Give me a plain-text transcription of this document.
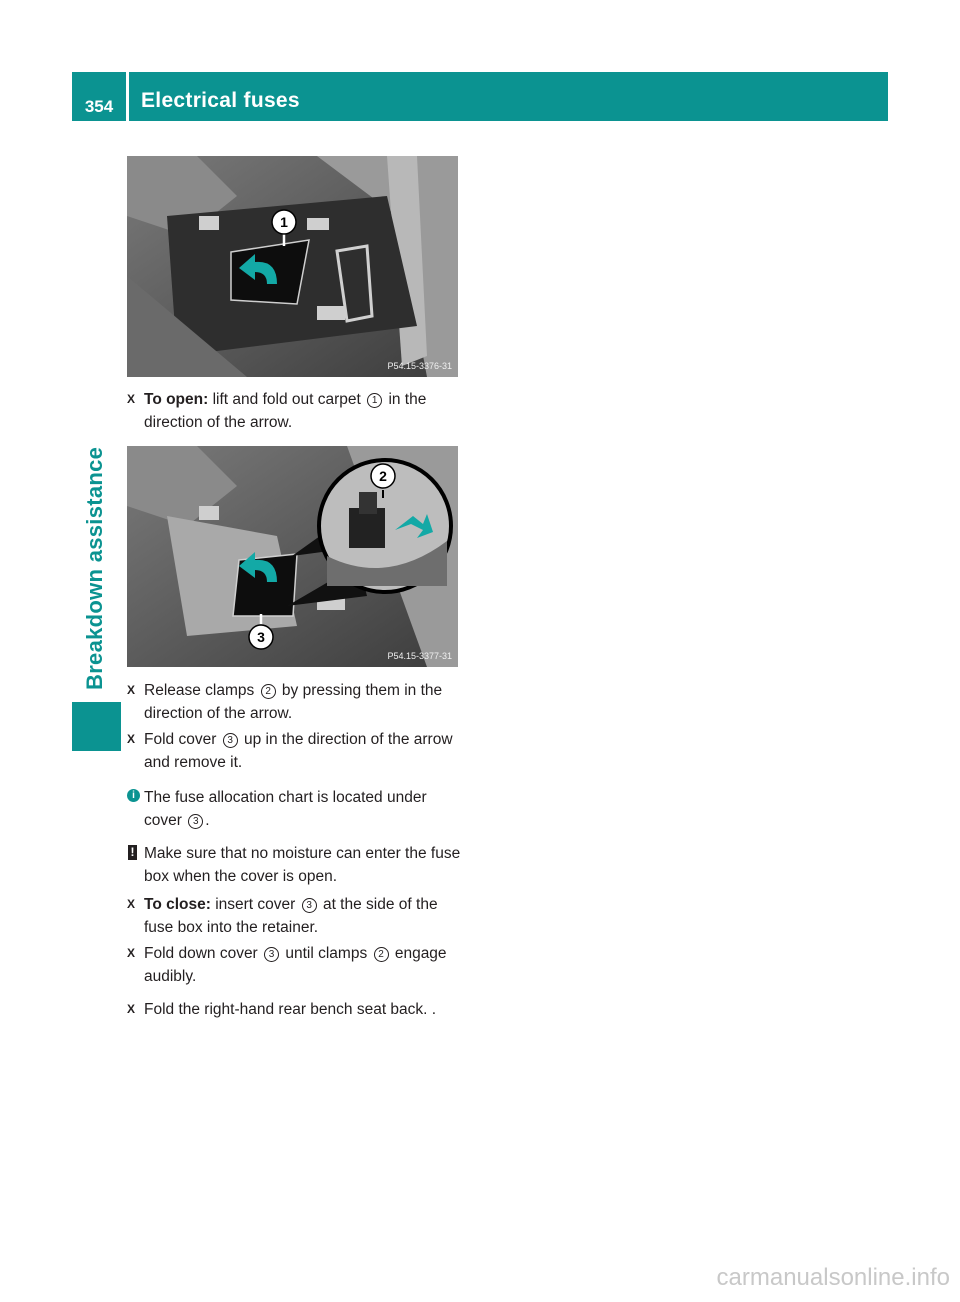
354	Electrical fuses
Breakdown assistance
1
P54.15-3376-31
2
3
P54.15-3377-31
X To open: lift and fold out carpet 1 in the direction of the arrow.
X Release clamps 2 by pressing them in the direction of the arrow.
X Fold cover 3 up in the direction of the arrow and remove it.
i The fuse allocation chart is located under cover 3 .
! Make sure that no moisture can enter the fuse box when the cover is open.
X To close: insert cover 3 at the side of the fuse box into the retainer.
X Fold down cover 3 until clamps 2 engage audibly.
X Fold the right-hand rear bench seat back. .
carmanualsonline.info
